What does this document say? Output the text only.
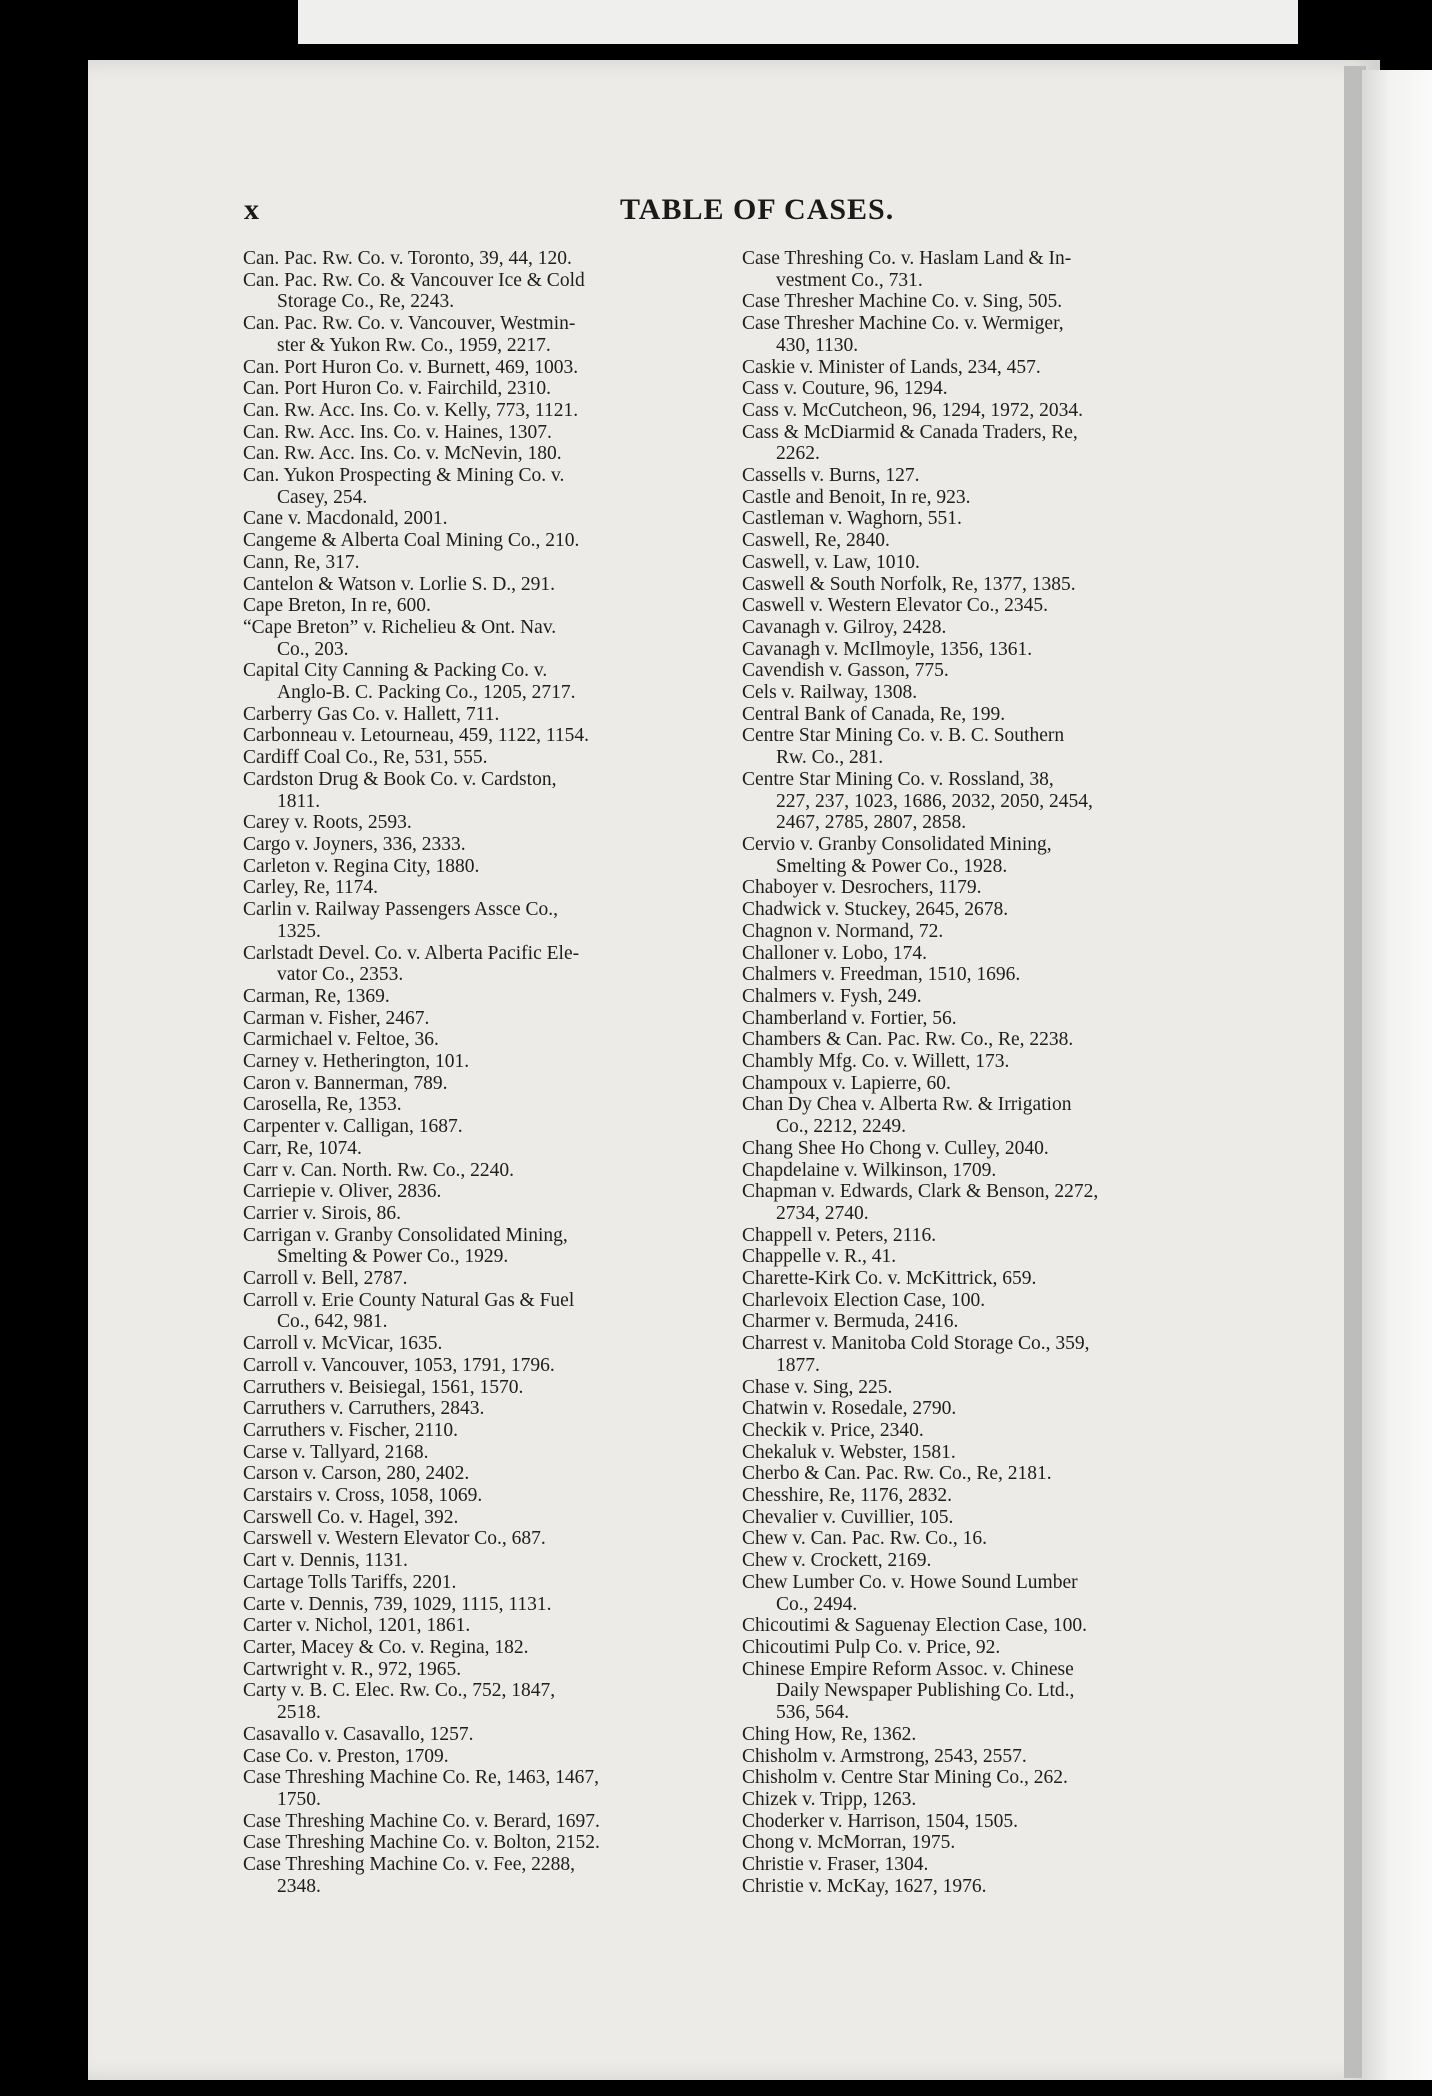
x	TABLE OF CASES.

Can. Pac. Rw. Co. v. Toronto, 39, 44, 120.

Can. Pac. Rw. Co. & Vancouver Ice & Cold
Storage Co., Re, 2243.

Can. Pac. Rw. Co. v. Vancouver, Westmin-
ster & Yukon Rw. Co., 1959, 2217.

Can. Port Huron Co. v. Burnett, 469, 1003.

Can. Port Huron Co. v. Fairchild, 2310.

Can. Rw. Acc. Ins. Co. v. Kelly, 773, 1121.

Can. Rw. Acc. Ins. Co. v. Haines, 1307.

Can. Rw. Acc. Ins. Co. v. McNevin, 180.

Can. Yukon Prospecting & Mining Co. v.
Casey, 254.

Cane v. Macdonald, 2001.

Cangeme & Alberta Coal Mining Co., 210.

Cann, Re, 317.

Cantelon & Watson v. Lorlie S. D., 291.

Cape Breton, In re, 600.

“Cape Breton” v. Richelieu & Ont. Nav.
Co., 203.

Capital City Canning & Packing Co. v.
Anglo-B. C. Packing Co., 1205, 2717.

Carberry Gas Co. v. Hallett, 711.

Carbonneau v. Letourneau, 459, 1122, 1154.

Cardiff Coal Co., Re, 531, 555.

Cardston Drug & Book Co. v. Cardston,
1811.

Carey v. Roots, 2593.

Cargo v. Joyners, 336, 2333.

Carleton v. Regina City, 1880.

Carley, Re, 1174.

Carlin v. Railway Passengers Assce Co.,
1325.

Carlstadt Devel. Co. v. Alberta Pacific Ele-
vator Co., 2353.

Carman, Re, 1369.

Carman v. Fisher, 2467.

Carmichael v. Feltoe, 36.

Carney v. Hetherington, 101.

Caron v. Bannerman, 789.

Carosella, Re, 1353.

Carpenter v. Calligan, 1687.

Carr, Re, 1074.

Carr v. Can. North. Rw. Co., 2240.

Carriepie v. Oliver, 2836.

Carrier v. Sirois, 86.

Carrigan v. Granby Consolidated Mining,
Smelting & Power Co., 1929.

Carroll v. Bell, 2787.

Carroll v. Erie County Natural Gas & Fuel
Co., 642, 981.

Carroll v. McVicar, 1635.

Carroll v. Vancouver, 1053, 1791, 1796.

Carruthers v. Beisiegal, 1561, 1570.

Carruthers v. Carruthers, 2843.

Carruthers v. Fischer, 2110.

Carse v. Tallyard, 2168.

Carson v. Carson, 280, 2402.

Carstairs v. Cross, 1058, 1069.

Carswell Co. v. Hagel, 392.

Carswell v. Western Elevator Co., 687.

Cart v. Dennis, 1131.

Cartage Tolls Tariffs, 2201.

Carte v. Dennis, 739, 1029, 1115, 1131.

Carter v. Nichol, 1201, 1861.

Carter, Macey & Co. v. Regina, 182.

Cartwright v. R., 972, 1965.

Carty v. B. C. Elec. Rw. Co., 752, 1847,
2518.

Casavallo v. Casavallo, 1257.

Case Co. v. Preston, 1709.

Case Threshing Machine Co. Re, 1463, 1467,
1750.

Case Threshing Machine Co. v. Berard, 1697.

Case Threshing Machine Co. v. Bolton, 2152.

Case Threshing Machine Co. v. Fee, 2288,
2348.

Case Threshing Co. v. Haslam Land & In-
vestment Co., 731.

Case Thresher Machine Co. v. Sing, 505.

Case Thresher Machine Co. v. Wermiger,
430, 1130.

Caskie v. Minister of Lands, 234, 457.

Cass v. Couture, 96, 1294.

Cass v. McCutcheon, 96, 1294, 1972, 2034.

Cass & McDiarmid & Canada Traders, Re,
2262.

Cassells v. Burns, 127.

Castle and Benoit, In re, 923.

Castleman v. Waghorn, 551.

Caswell, Re, 2840.

Caswell, v. Law, 1010.

Caswell & South Norfolk, Re, 1377, 1385.

Caswell v. Western Elevator Co., 2345.

Cavanagh v. Gilroy, 2428.

Cavanagh v. McIlmoyle, 1356, 1361.

Cavendish v. Gasson, 775.

Cels v. Railway, 1308.

Central Bank of Canada, Re, 199.

Centre Star Mining Co. v. B. C. Southern
Rw. Co., 281.

Centre Star Mining Co. v. Rossland, 38,
227, 237, 1023, 1686, 2032, 2050, 2454,
2467, 2785, 2807, 2858.

Cervio v. Granby Consolidated Mining,
Smelting & Power Co., 1928.

Chaboyer v. Desrochers, 1179.

Chadwick v. Stuckey, 2645, 2678.

Chagnon v. Normand, 72.

Challoner v. Lobo, 174.

Chalmers v. Freedman, 1510, 1696.

Chalmers v. Fysh, 249.

Chamberland v. Fortier, 56.

Chambers & Can. Pac. Rw. Co., Re, 2238.

Chambly Mfg. Co. v. Willett, 173.

Champoux v. Lapierre, 60.

Chan Dy Chea v. Alberta Rw. & Irrigation
Co., 2212, 2249.

Chang Shee Ho Chong v. Culley, 2040.

Chapdelaine v. Wilkinson, 1709.

Chapman v. Edwards, Clark & Benson, 2272,
2734, 2740.

Chappell v. Peters, 2116.

Chappelle v. R., 41.

Charette-Kirk Co. v. McKittrick, 659.

Charlevoix Election Case, 100.

Charmer v. Bermuda, 2416.

Charrest v. Manitoba Cold Storage Co., 359,
1877.

Chase v. Sing, 225.

Chatwin v. Rosedale, 2790.

Checkik v. Price, 2340.

Chekaluk v. Webster, 1581.

Cherbo & Can. Pac. Rw. Co., Re, 2181.

Chesshire, Re, 1176, 2832.

Chevalier v. Cuvillier, 105.

Chew v. Can. Pac. Rw. Co., 16.

Chew v. Crockett, 2169.

Chew Lumber Co. v. Howe Sound Lumber
Co., 2494.

Chicoutimi & Saguenay Election Case, 100.

Chicoutimi Pulp Co. v. Price, 92.

Chinese Empire Reform Assoc. v. Chinese
Daily Newspaper Publishing Co. Ltd.,
536, 564.

Ching How, Re, 1362.

Chisholm v. Armstrong, 2543, 2557.

Chisholm v. Centre Star Mining Co., 262.

Chizek v. Tripp, 1263.

Choderker v. Harrison, 1504, 1505.

Chong v. McMorran, 1975.

Christie v. Fraser, 1304.

Christie v. McKay, 1627, 1976.
